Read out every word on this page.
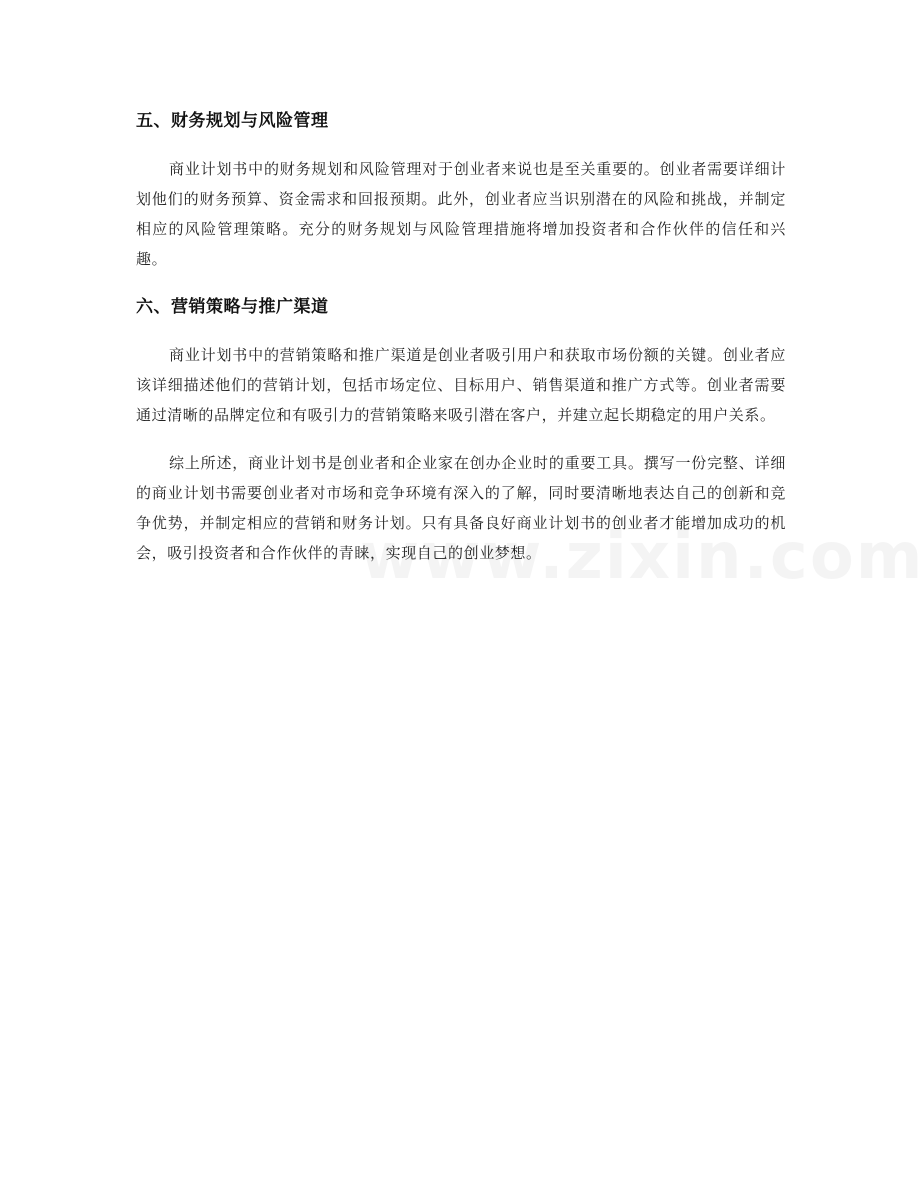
五、财务规划与风险管理

商业计划书中的财务规划和风险管理对于创业者来说也是至关重要的。创业者需要详细计划他们的财务预算、资金需求和回报预期。此外，创业者应当识别潜在的风险和挑战，并制定相应的风险管理策略。充分的财务规划与风险管理措施将增加投资者和合作伙伴的信任和兴趣。

六、营销策略与推广渠道

商业计划书中的营销策略和推广渠道是创业者吸引用户和获取市场份额的关键。创业者应该详细描述他们的营销计划，包括市场定位、目标用户、销售渠道和推广方式等。创业者需要通过清晰的品牌定位和有吸引力的营销策略来吸引潜在客户，并建立起长期稳定的用户关系。

综上所述，商业计划书是创业者和企业家在创办企业时的重要工具。撰写一份完整、详细的商业计划书需要创业者对市场和竞争环境有深入的了解，同时要清晰地表达自己的创新和竞争优势，并制定相应的营销和财务计划。只有具备良好商业计划书的创业者才能增加成功的机会，吸引投资者和合作伙伴的青睐，实现自己的创业梦想。
